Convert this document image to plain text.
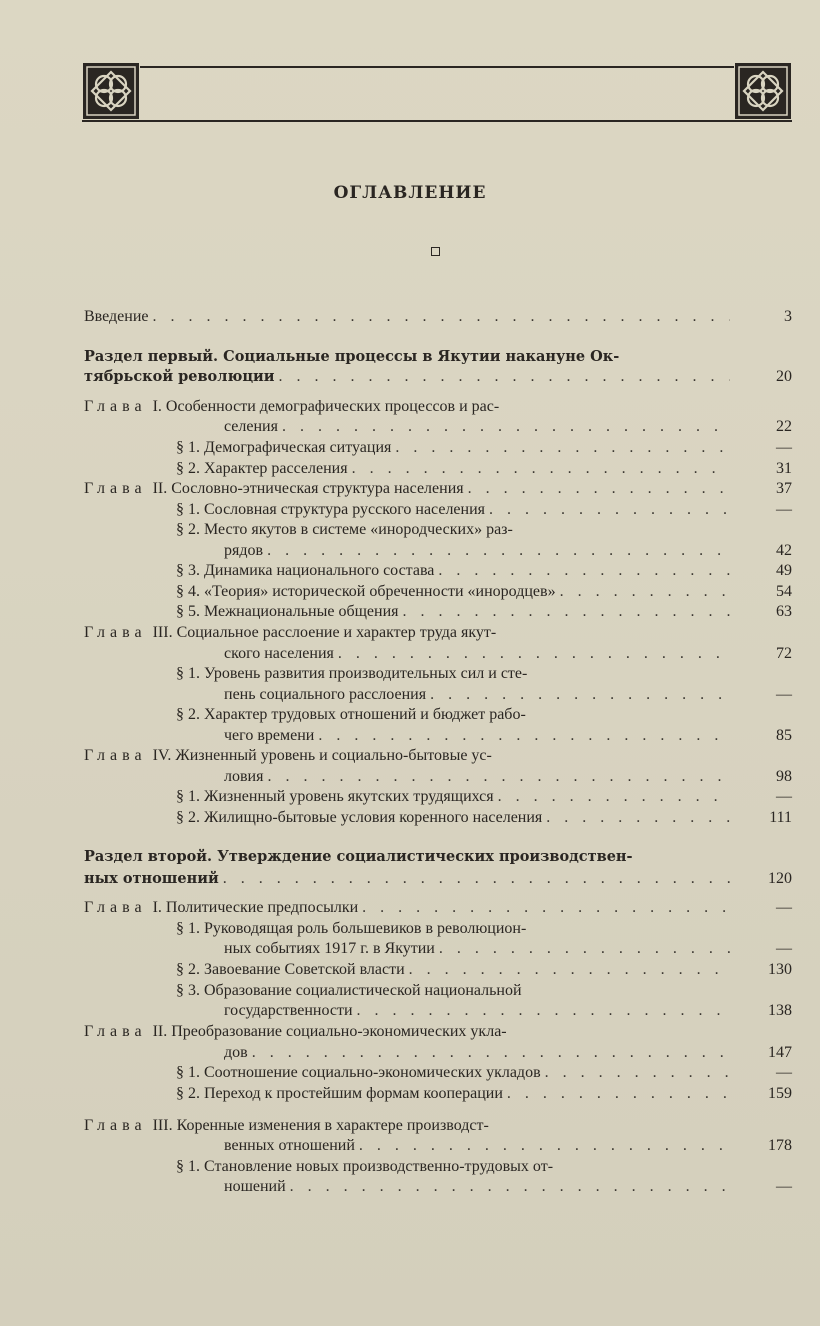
ОГЛАВЛЕНИЕ
Введение . . .	3
Раздел первый. Социальные процессы в Якутии накануне Ок-
тябрьской революции . . .	20
Глава I. Особенности демографических процессов и рас-
селения . . .	22
§ 1. Демографическая ситуация . . .	—
§ 2. Характер расселения . . .	31
Глава II. Сословно-этническая структура населения . . .	37
§ 1. Сословная структура русского населения . . .	—
§ 2. Место якутов в системе «инородческих» раз-
рядов . . .	42
§ 3. Динамика национального состава . . .	49
§ 4. «Теория» исторической обреченности «инородцев» . . .	54
§ 5. Межнациональные общения . . .	63
Глава III. Социальное расслоение и характер труда якут-
ского населения . . .	72
§ 1. Уровень развития производительных сил и сте-
пень социального расслоения . . .	—
§ 2. Характер трудовых отношений и бюджет рабо-
чего времени . . .	85
Глава IV. Жизненный уровень и социально-бытовые ус-
ловия . . .	98
§ 1. Жизненный уровень якутских трудящихся . . .	—
§ 2. Жилищно-бытовые условия коренного населения . . .	111
Раздел второй. Утверждение социалистических производствен-
ных отношений . . .	120
Глава I. Политические предпосылки . . .	—
§ 1. Руководящая роль большевиков в революцион-
ных событиях 1917 г. в Якутии . . .	—
§ 2. Завоевание Советской власти . . .	130
§ 3. Образование социалистической национальной
государственности . . .	138
Глава II. Преобразование социально-экономических укла-
дов . . .	147
§ 1. Соотношение социально-экономических укладов . . .	—
§ 2. Переход к простейшим формам кооперации . . .	159
Глава III. Коренные изменения в характере производст-
венных отношений . . .	178
§ 1. Становление новых производственно-трудовых от-
ношений . . .	—
